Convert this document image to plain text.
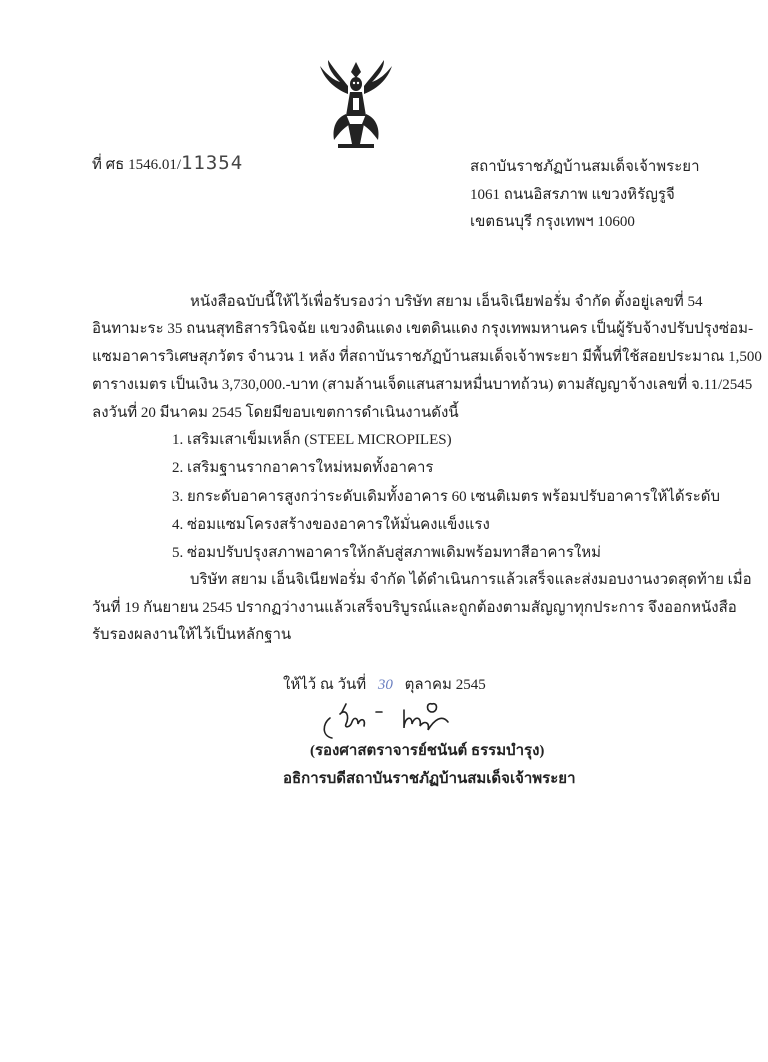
ที่ ศธ 1546.01/11354	สถาบันราชภัฏบ้านสมเด็จเจ้าพระยา
1061 ถนนอิสรภาพ แขวงหิรัญรูจี
เขตธนบุรี กรุงเทพฯ 10600
หนังสือฉบับนี้ให้ไว้เพื่อรับรองว่า บริษัท สยาม เอ็นจิเนียฟอรั่ม จำกัด ตั้งอยู่เลขที่ 54
อินทามะระ 35 ถนนสุทธิสารวินิจฉัย แขวงดินแดง เขตดินแดง กรุงเทพมหานคร เป็นผู้รับจ้างปรับปรุงซ่อม-
แซมอาคารวิเศษสุภวัตร จำนวน 1 หลัง ที่สถาบันราชภัฏบ้านสมเด็จเจ้าพระยา มีพื้นที่ใช้สอยประมาณ 1,500
ตารางเมตร เป็นเงิน 3,730,000.-บาท (สามล้านเจ็ดแสนสามหมื่นบาทถ้วน) ตามสัญญาจ้างเลขที่ จ.11/2545
ลงวันที่ 20 มีนาคม 2545 โดยมีขอบเขตการดำเนินงานดังนี้
1. เสริมเสาเข็มเหล็ก (STEEL MICROPILES)
2. เสริมฐานรากอาคารใหม่หมดทั้งอาคาร
3. ยกระดับอาคารสูงกว่าระดับเดิมทั้งอาคาร 60 เซนติเมตร พร้อมปรับอาคารให้ได้ระดับ
4. ซ่อมแซมโครงสร้างของอาคารให้มั่นคงแข็งแรง
5. ซ่อมปรับปรุงสภาพอาคารให้กลับสู่สภาพเดิมพร้อมทาสีอาคารใหม่
บริษัท สยาม เอ็นจิเนียฟอรั่ม จำกัด ได้ดำเนินการแล้วเสร็จและส่งมอบงานงวดสุดท้าย เมื่อ
วันที่ 19 กันยายน 2545 ปรากฏว่างานแล้วเสร็จบริบูรณ์และถูกต้องตามสัญญาทุกประการ จึงออกหนังสือ
รับรองผลงานให้ไว้เป็นหลักฐาน
ให้ไว้ ณ วันที่ 30 ตุลาคม 2545
(รองศาสตราจารย์ชนันต์ ธรรมบำรุง)
อธิการบดีสถาบันราชภัฏบ้านสมเด็จเจ้าพระยา
